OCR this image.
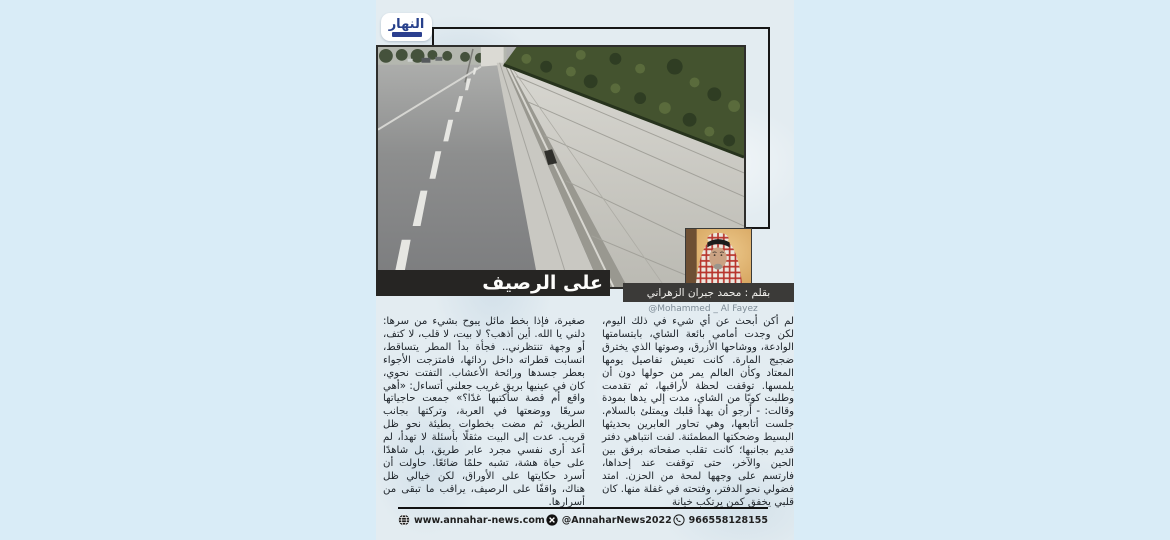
النهار
على الرصيف	بقلم : محمد جبران الزهراني
@Mohammed _ Al Fayez
لم أكن أبحث عن أي شيء في ذلك اليوم، لكن وجدت أمامي بائعة الشاي، بابتسامتها الوادعة، ووشاحها الأزرق، وصوتها الذي يخترق ضجيج المارة. كانت تعيش تفاصيل يومها المعتاد وكأن العالم يمر من حولها دون أن يلمسها. توقفت لحظة لأراقبها، ثم تقدمت وطلبت كوبًا من الشاي، مدت إلي يدها بمودة وقالت: - أرجو أن يهدأ قلبك ويمتلئ بالسلام. جلست أتابعها، وهي تحاور العابرين بحديثها البسيط وضحكتها المطمئنة. لفت انتباهي دفتر قديم بجانبها؛ كانت تقلب صفحاته برفق بين الحين والآخر، حتى توقفت عند إحداها، فارتسم على وجهها لمحة من الحزن. امتد فضولي نحو الدفتر، وفتحته في غفلة منها. كان قلبي يخفق كمن يرتكب خيانة
صغيرة، فإذا بخط مائل يبوح بشيء من سرها: دلني يا الله. أين أذهب؟ لا بيت، لا قلب، لا كتف، أو وجهة تنتظرني.. فجأة بدأ المطر يتساقط، انسابت قطراته داخل ردائها، فامتزجت الأجواء بعطر جسدها ورائحة الأعشاب. التفتت نحوي، كان في عينيها بريق غريب جعلني أتساءل: «أهي واقع أم قصة سأكتبها غدًا؟» جمعت حاجياتها سريعًا ووضعتها في العربة، وتركتها بجانب الطريق، ثم مضت بخطوات بطيئة نحو ظل قريب. عدت إلى البيت مثقلًا بأسئلة لا تهدأ، لم أعد أرى نفسي مجرد عابر طريق، بل شاهدًا على حياة هشة، تشبه حلمًا ضائعًا. حاولت أن أسرد حكايتها على الأوراق، لكن خيالي ظل هناك، واقفًا على الرصيف، يراقب ما تبقى من أسرارها.
www.annahar-news.com @AnnaharNews2022 966558128155
